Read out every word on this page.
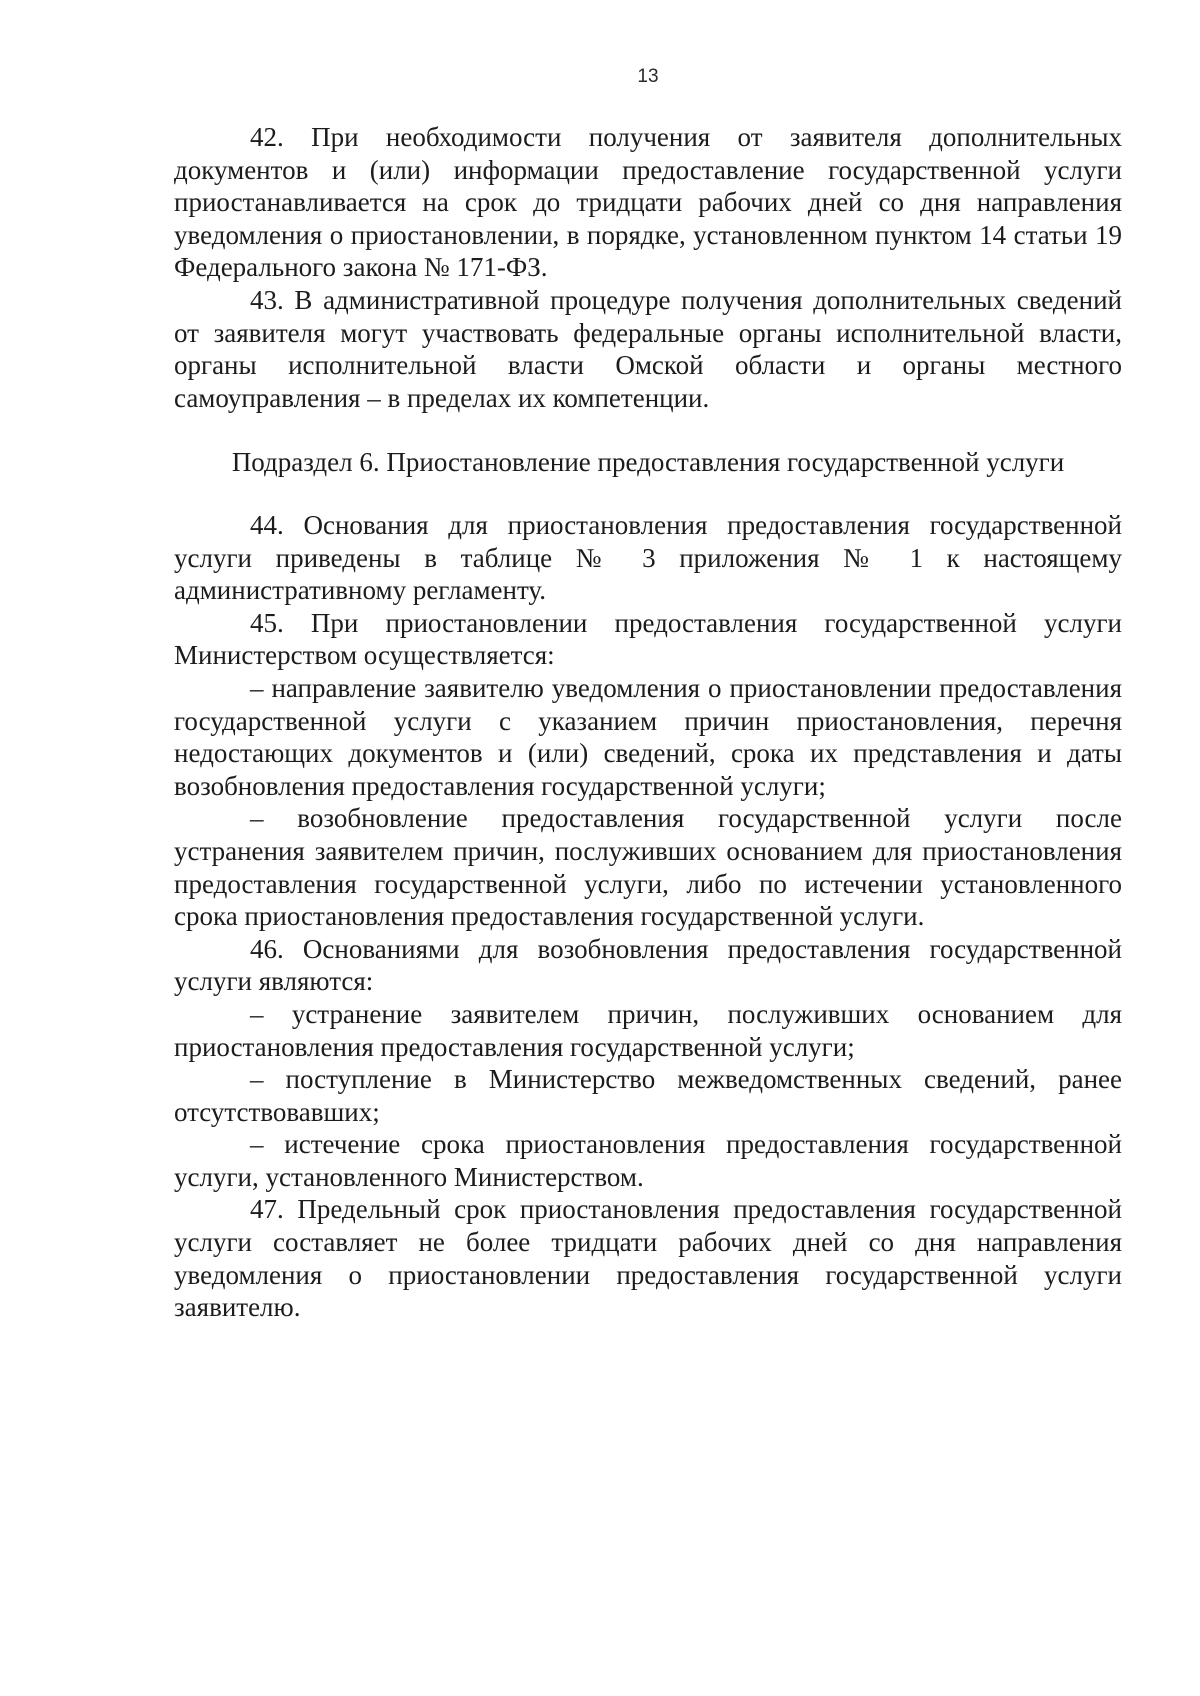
13

42. При необходимости получения от заявителя дополнительных документов и (или) информации предоставление государственной услуги приостанавливается на срок до тридцати рабочих дней со дня направления уведомления о приостановлении, в порядке, установленном пунктом 14 статьи 19 Федерального закона № 171-ФЗ.

43. В административной процедуре получения дополнительных сведений от заявителя могут участвовать федеральные органы исполнительной власти, органы исполнительной власти Омской области и органы местного самоуправления – в пределах их компетенции.

Подраздел 6. Приостановление предоставления государственной услуги

44. Основания для приостановления предоставления государственной услуги приведены в таблице № 3 приложения № 1 к настоящему административному регламенту.

45. При приостановлении предоставления государственной услуги Министерством осуществляется:

– направление заявителю уведомления о приостановлении предоставления государственной услуги с указанием причин приостановления, перечня недостающих документов и (или) сведений, срока их представления и даты возобновления предоставления государственной услуги;

– возобновление предоставления государственной услуги после устранения заявителем причин, послуживших основанием для приостановления предоставления государственной услуги, либо по истечении установленного срока приостановления предоставления государственной услуги.

46. Основаниями для возобновления предоставления государственной услуги являются:

– устранение заявителем причин, послуживших основанием для приостановления предоставления государственной услуги;

– поступление в Министерство межведомственных сведений, ранее отсутствовавших;

– истечение срока приостановления предоставления государственной услуги, установленного Министерством.

47. Предельный срок приостановления предоставления государственной услуги составляет не более тридцати рабочих дней со дня направления уведомления о приостановлении предоставления государственной услуги заявителю.
